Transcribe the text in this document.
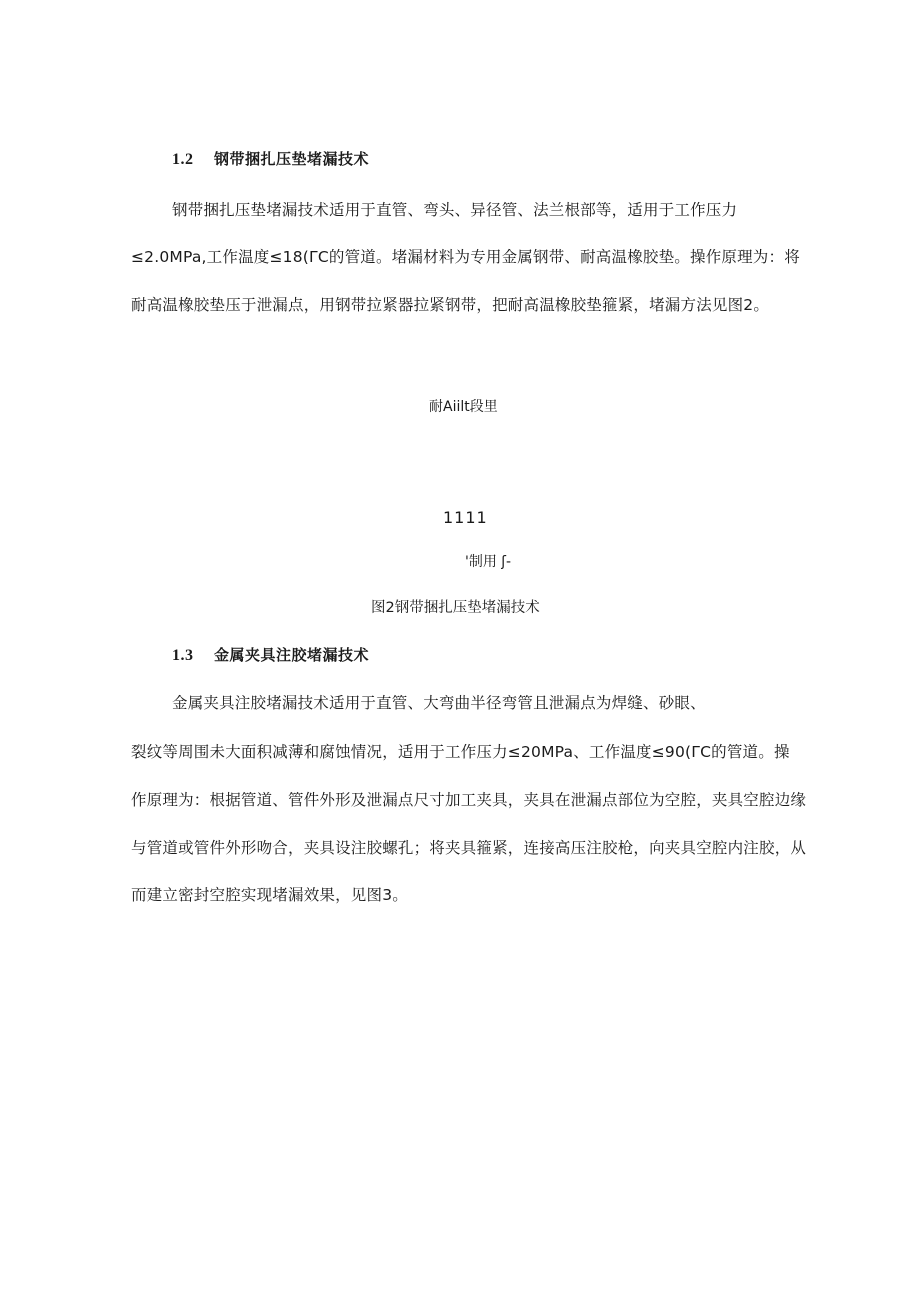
1.2 钢带捆扎压垫堵漏技术
钢带捆扎压垫堵漏技术适用于直管、弯头、异径管、法兰根部等，适用于工作压力
≤2.0MPa,工作温度≤18(ΓC的管道。堵漏材料为专用金属钢带、耐高温橡胶垫。操作原理为：将
耐高温橡胶垫压于泄漏点，用钢带拉紧器拉紧钢带，把耐高温橡胶垫箍紧，堵漏方法见图2。
耐Aiilt段里
1111
'制用 ʃ-
图2钢带捆扎压垫堵漏技术
1.3 金属夹具注胶堵漏技术
金属夹具注胶堵漏技术适用于直管、大弯曲半径弯管且泄漏点为焊缝、砂眼、
裂纹等周围未大面积减薄和腐蚀情况，适用于工作压力≤20MPa、工作温度≤90(ΓC的管道。操
作原理为：根据管道、管件外形及泄漏点尺寸加工夹具，夹具在泄漏点部位为空腔，夹具空腔边缘
与管道或管件外形吻合，夹具设注胶螺孔；将夹具箍紧，连接高压注胶枪，向夹具空腔内注胶，从
而建立密封空腔实现堵漏效果，见图3。
